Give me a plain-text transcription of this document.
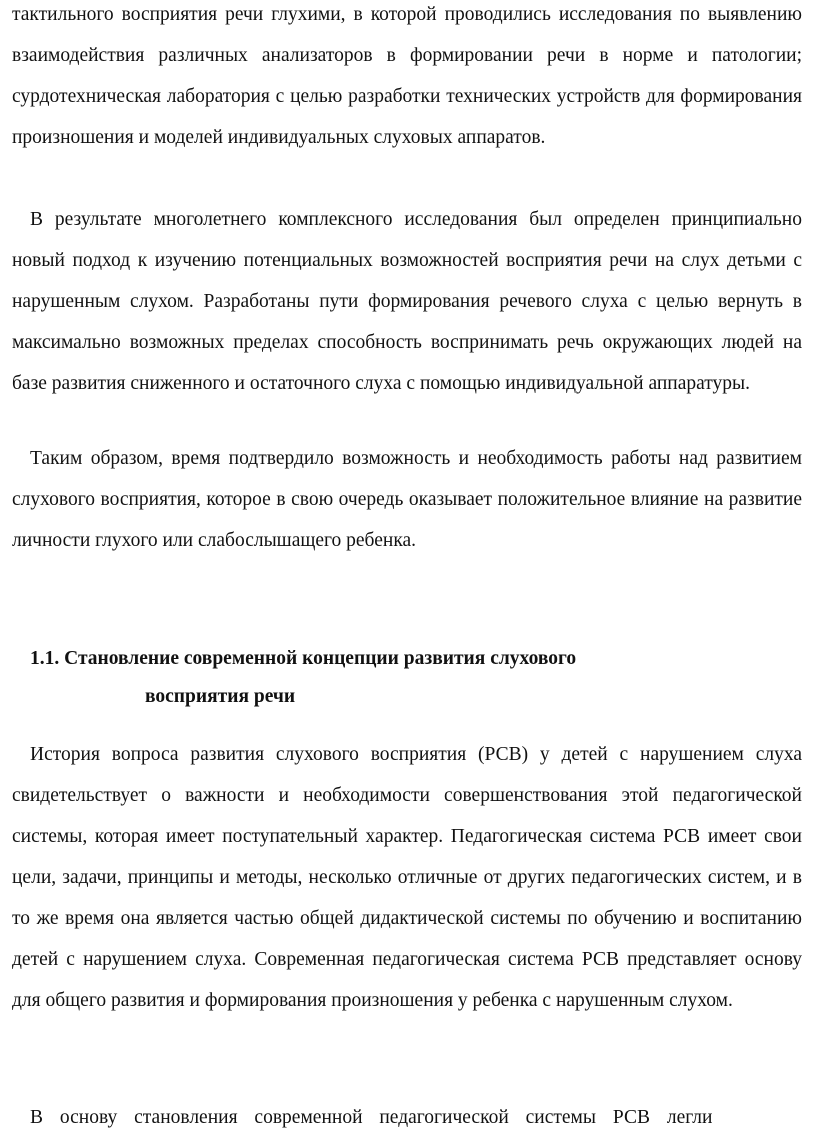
тактильного восприятия речи глухими, в которой проводились исследования по выявлению взаимодействия различных анализаторов в формировании речи в норме и патологии; сурдотехническая лаборатория с целью разработки технических устройств для формирования произношения и моделей индивидуальных слуховых аппаратов.

В результате многолетнего комплексного исследования был определен принципиально новый подход к изучению потенциальных возможностей восприятия речи на слух детьми с нарушенным слухом. Разработаны пути формирования речевого слуха с целью вернуть в максимально возможных пределах способность воспринимать речь окружающих людей на базе развития сниженного и остаточного слуха с помощью индивидуальной аппаратуры.

Таким образом, время подтвердило возможность и необходимость работы над развитием слухового восприятия, которое в свою очередь оказывает положительное влияние на развитие личности глухого или слабослышащего ребенка.

1.1. Становление современной концепции развития слухового
восприятия речи

История вопроса развития слухового восприятия (РСВ) у детей с нарушением слуха свидетельствует о важности и необходимости совершенствования этой педагогической системы, которая имеет поступательный характер. Педагогическая система РСВ имеет свои цели, задачи, принципы и методы, несколько отличные от других педагогических систем, и в то же время она является частью общей дидактической системы по обучению и воспитанию детей с нарушением слуха. Современная педагогическая система РСВ представляет основу для общего развития и формирования произношения у ребенка с нарушенным слухом.

В основу становления современной педагогической системы РСВ легли
